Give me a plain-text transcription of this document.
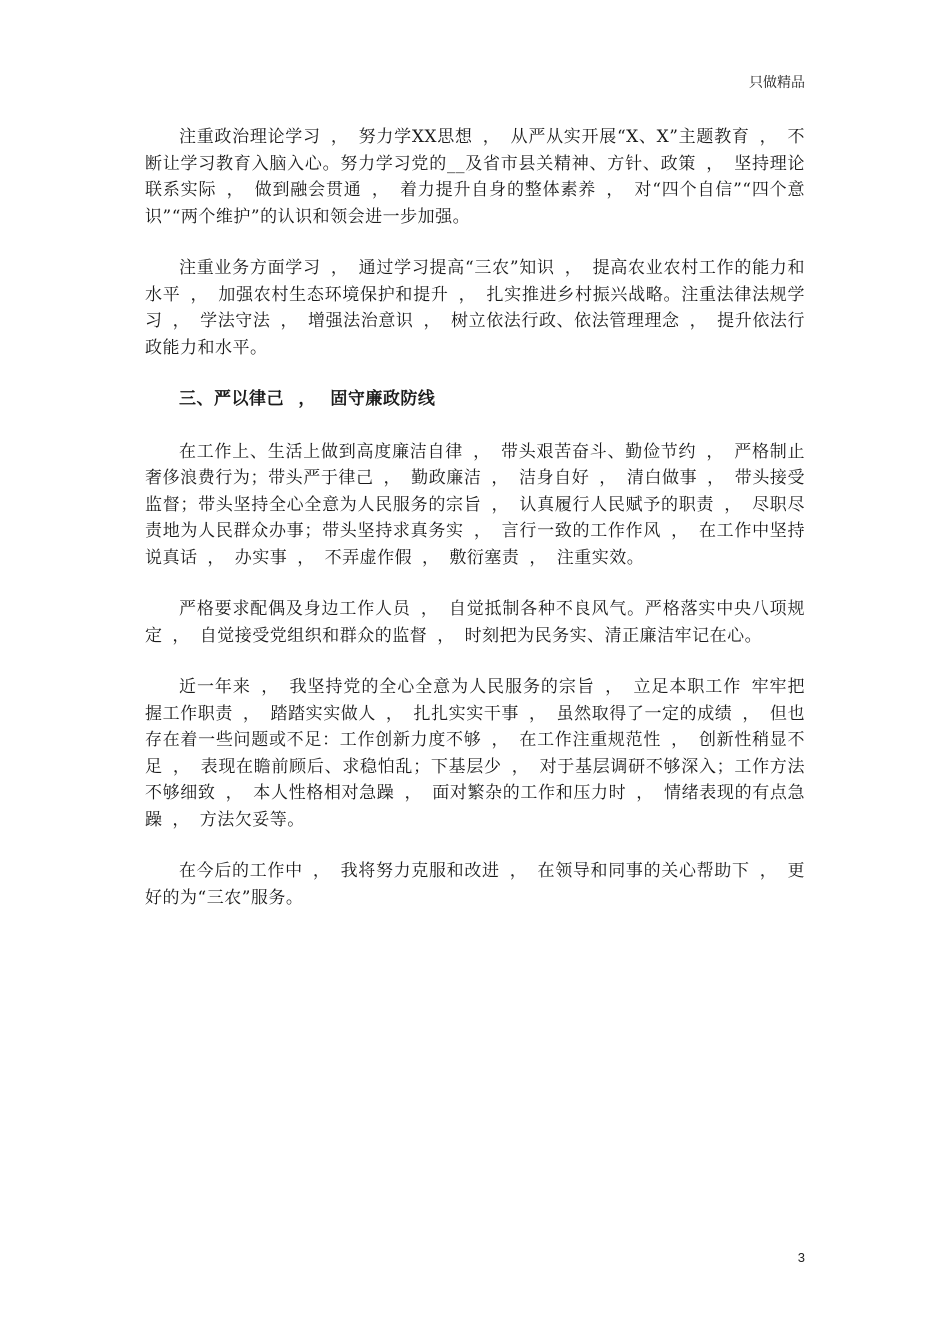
只做精品

注重政治理论学习 ， 努力学XX思想 ， 从严从实开展“X、X”主题教育 ， 不断让学习教育入脑入心。努力学习党的__及省市县关精神、方针、政策 ， 坚持理论联系实际 ， 做到融会贯通 ， 着力提升自身的整体素养 ， 对“四个自信”“四个意识”“两个维护”的认识和领会进一步加强。

注重业务方面学习 ， 通过学习提高“三农”知识 ， 提高农业农村工作的能力和水平 ， 加强农村生态环境保护和提升 ， 扎实推进乡村振兴战略。注重法律法规学习 ， 学法守法 ， 增强法治意识 ， 树立依法行政、依法管理理念 ， 提升依法行政能力和水平。

三、严以律己 ， 固守廉政防线

在工作上、生活上做到高度廉洁自律 ， 带头艰苦奋斗、勤俭节约 ， 严格制止奢侈浪费行为；带头严于律己 ， 勤政廉洁 ， 洁身自好 ， 清白做事 ， 带头接受监督；带头坚持全心全意为人民服务的宗旨 ， 认真履行人民赋予的职责 ， 尽职尽责地为人民群众办事；带头坚持求真务实 ， 言行一致的工作作风 ， 在工作中坚持说真话 ， 办实事 ， 不弄虚作假 ， 敷衍塞责 ， 注重实效。

严格要求配偶及身边工作人员 ， 自觉抵制各种不良风气。严格落实中央八项规定 ， 自觉接受党组织和群众的监督 ， 时刻把为民务实、清正廉洁牢记在心。

近一年来 ， 我坚持党的全心全意为人民服务的宗旨 ， 立足本职工作 牢牢把握工作职责 ， 踏踏实实做人 ， 扎扎实实干事 ， 虽然取得了一定的成绩 ， 但也存在着一些问题或不足：工作创新力度不够 ， 在工作注重规范性 ， 创新性稍显不足 ， 表现在瞻前顾后、求稳怕乱；下基层少 ， 对于基层调研不够深入；工作方法不够细致 ， 本人性格相对急躁 ， 面对繁杂的工作和压力时 ， 情绪表现的有点急躁 ， 方法欠妥等。

在今后的工作中 ， 我将努力克服和改进 ， 在领导和同事的关心帮助下 ， 更好的为“三农”服务。

3
